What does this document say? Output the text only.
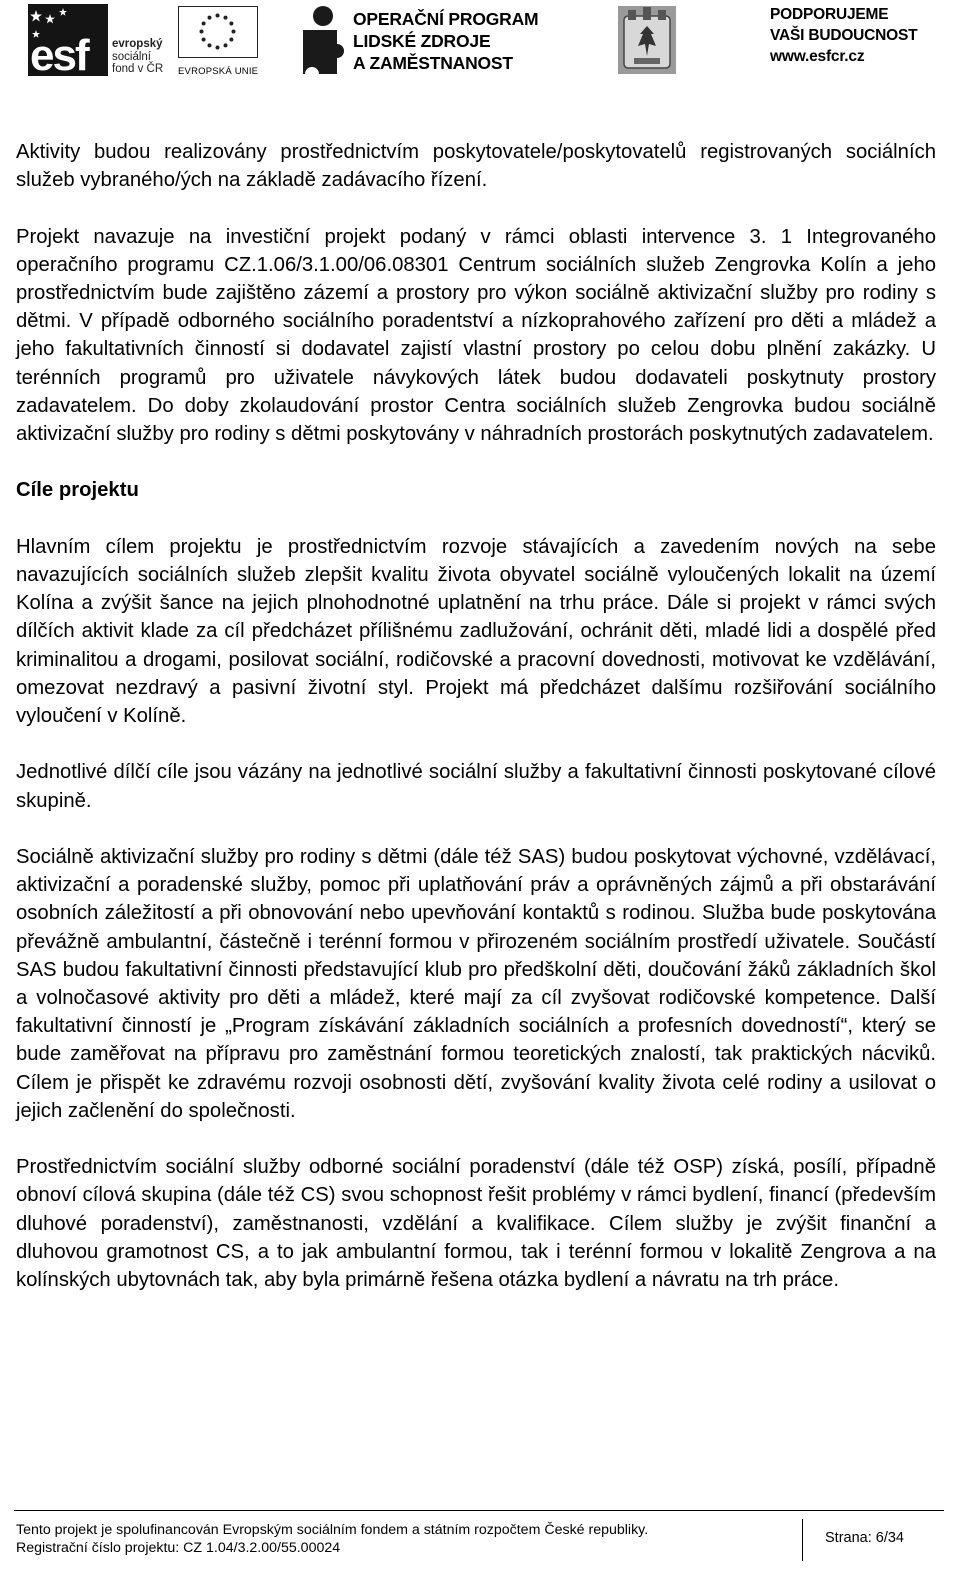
esf evropský
sociální
fond v ČR EVROPSKÁ UNIE
OPERAČNÍ PROGRAM
LIDSKÉ ZDROJE
A ZAMĚSTNANOST
PODPORUJEME
VAŠI BUDOUCNOST
www.esfcr.cz

Aktivity budou realizovány prostřednictvím poskytovatele/poskytovatelů registrovaných sociálních služeb vybraného/ých na základě zadávacího řízení.

Projekt navazuje na investiční projekt podaný v rámci oblasti intervence 3. 1 Integrovaného operačního programu CZ.1.06/3.1.00/06.08301 Centrum sociálních služeb Zengrovka Kolín a jeho prostřednictvím bude zajištěno zázemí a prostory pro výkon sociálně aktivizační služby pro rodiny s dětmi. V případě odborného sociálního poradentství a nízkoprahového zařízení pro děti a mládež a jeho fakultativních činností si dodavatel zajistí vlastní prostory po celou dobu plnění zakázky. U terénních programů pro uživatele návykových látek budou dodavateli poskytnuty prostory zadavatelem. Do doby zkolaudování prostor Centra sociálních služeb Zengrovka budou sociálně aktivizační služby pro rodiny s dětmi poskytovány v náhradních prostorách poskytnutých zadavatelem.

Cíle projektu

Hlavním cílem projektu je prostřednictvím rozvoje stávajících a zavedením nových na sebe navazujících sociálních služeb zlepšit kvalitu života obyvatel sociálně vyloučených lokalit na území Kolína a zvýšit šance na jejich plnohodnotné uplatnění na trhu práce. Dále si projekt v rámci svých dílčích aktivit klade za cíl předcházet přílišnému zadlužování, ochránit děti, mladé lidi a dospělé před kriminalitou a drogami, posilovat sociální, rodičovské a pracovní dovednosti, motivovat ke vzdělávání, omezovat nezdravý a pasivní životní styl. Projekt má předcházet dalšímu rozšiřování sociálního vyloučení v Kolíně.

Jednotlivé dílčí cíle jsou vázány na jednotlivé sociální služby a fakultativní činnosti poskytované cílové skupině.

Sociálně aktivizační služby pro rodiny s dětmi (dále též SAS) budou poskytovat výchovné, vzdělávací, aktivizační a poradenské služby, pomoc při uplatňování práv a oprávněných zájmů a při obstarávání osobních záležitostí a při obnovování nebo upevňování kontaktů s rodinou. Služba bude poskytována převážně ambulantní, částečně i terénní formou v přirozeném sociálním prostředí uživatele. Součástí SAS budou fakultativní činnosti představující klub pro předškolní děti, doučování žáků základních škol a volnočasové aktivity pro děti a mládež, které mají za cíl zvyšovat rodičovské kompetence. Další fakultativní činností je „Program získávání základních sociálních a profesních dovedností“, který se bude zaměřovat na přípravu pro zaměstnání formou teoretických znalostí, tak praktických nácviků. Cílem je přispět ke zdravému rozvoji osobnosti dětí, zvyšování kvality života celé rodiny a usilovat o jejich začlenění do společnosti.

Prostřednictvím sociální služby odborné sociální poradenství (dále též OSP) získá, posílí, případně obnoví cílová skupina (dále též CS) svou schopnost řešit problémy v rámci bydlení, financí (především dluhové poradenství), zaměstnanosti, vzdělání a kvalifikace. Cílem služby je zvýšit finanční a dluhovou gramotnost CS, a to jak ambulantní formou, tak i terénní formou v lokalitě Zengrova a na kolínských ubytovnách tak, aby byla primárně řešena otázka bydlení a návratu na trh práce.

Tento projekt je spolufinancován Evropským sociálním fondem a státním rozpočtem České republiky.
Registrační číslo projektu: CZ 1.04/3.2.00/55.00024
Strana: 6/34
